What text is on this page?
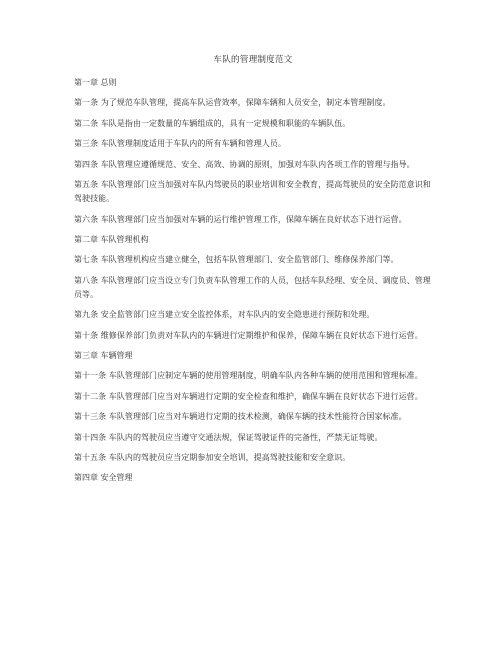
车队的管理制度范文
第一章 总则
第一条 为了规范车队管理，提高车队运营效率，保障车辆和人员安全，制定本管理制度。
第二条 车队是指由一定数量的车辆组成的，具有一定规模和职能的车辆队伍。
第三条 车队管理制度适用于车队内的所有车辆和管理人员。
第四条 车队管理应遵循规范、安全、高效、协调的原则，加强对车队内各项工作的管理与指导。
第五条 车队管理部门应当加强对车队内驾驶员的职业培训和安全教育，提高驾驶员的安全防范意识和驾驶技能。
第六条 车队管理部门应当加强对车辆的运行维护管理工作，保障车辆在良好状态下进行运营。
第二章 车队管理机构
第七条 车队管理机构应当建立健全，包括车队管理部门、安全监管部门、维修保养部门等。
第八条 车队管理部门应当设立专门负责车队管理工作的人员，包括车队经理、安全员、调度员、管理员等。
第九条 安全监管部门应当建立安全监控体系，对车队内的安全隐患进行预防和处理。
第十条 维修保养部门负责对车队内的车辆进行定期维护和保养，保障车辆在良好状态下进行运营。
第三章 车辆管理
第十一条 车队管理部门应制定车辆的使用管理制度，明确车队内各种车辆的使用范围和管理标准。
第十二条 车队管理部门应当对车辆进行定期的安全检查和维护，确保车辆在良好状态下进行运营。
第十三条 车队管理部门应当对车辆进行定期的技术检测，确保车辆的技术性能符合国家标准。
第十四条 车队内的驾驶员应当遵守交通法规，保证驾驶证件的完备性，严禁无证驾驶。
第十五条 车队内的驾驶员应当定期参加安全培训，提高驾驶技能和安全意识。
第四章 安全管理
